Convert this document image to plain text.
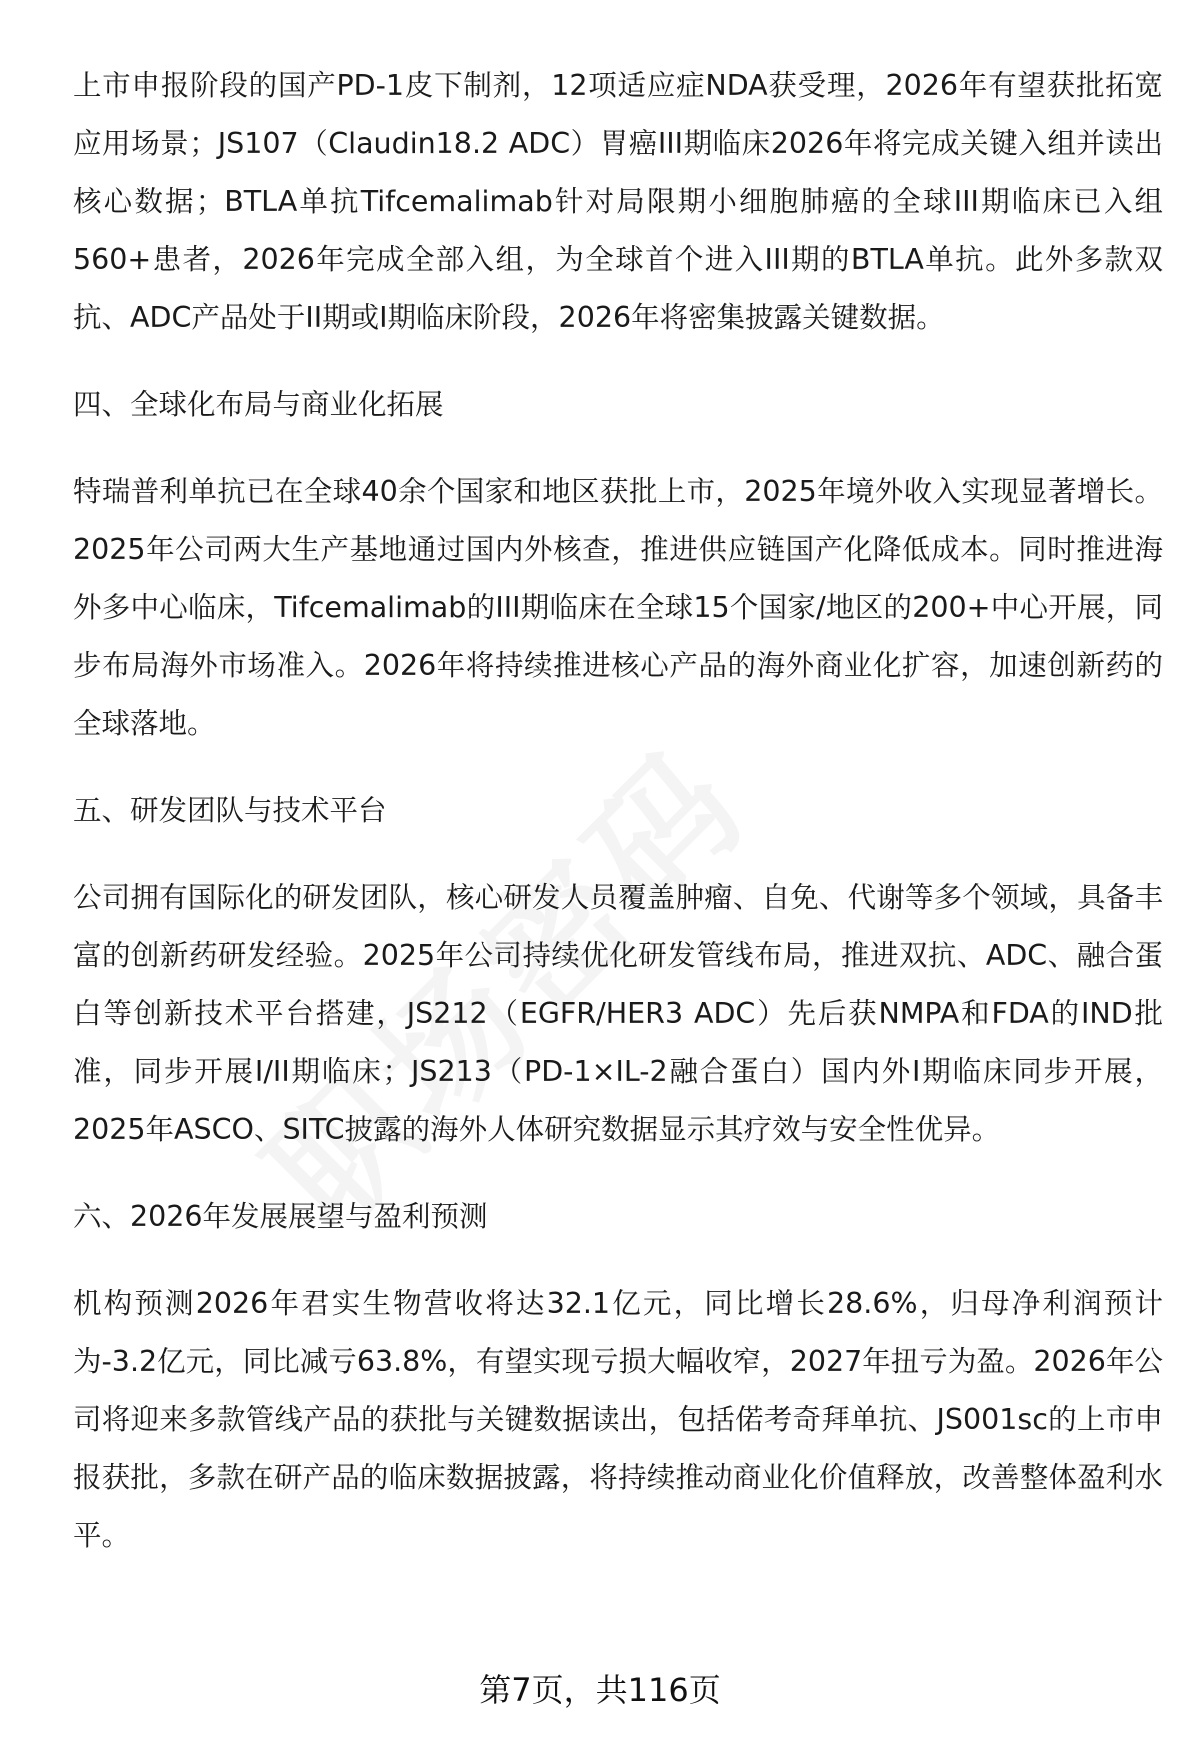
上市申报阶段的国产PD-1皮下制剂，12项适应症NDA获受理，2026年有望获批拓宽应用场景；JS107（Claudin18.2 ADC）胃癌III期临床2026年将完成关键入组并读出核心数据；BTLA单抗Tifcemalimab针对局限期小细胞肺癌的全球III期临床已入组560+患者，2026年完成全部入组，为全球首个进入III期的BTLA单抗。此外多款双抗、ADC产品处于II期或I期临床阶段，2026年将密集披露关键数据。

四、全球化布局与商业化拓展

特瑞普利单抗已在全球40余个国家和地区获批上市，2025年境外收入实现显著增长。2025年公司两大生产基地通过国内外核查，推进供应链国产化降低成本。同时推进海外多中心临床，Tifcemalimab的III期临床在全球15个国家/地区的200+中心开展，同步布局海外市场准入。2026年将持续推进核心产品的海外商业化扩容，加速创新药的全球落地。

五、研发团队与技术平台

公司拥有国际化的研发团队，核心研发人员覆盖肿瘤、自免、代谢等多个领域，具备丰富的创新药研发经验。2025年公司持续优化研发管线布局，推进双抗、ADC、融合蛋白等创新技术平台搭建，JS212（EGFR/HER3 ADC）先后获NMPA和FDA的IND批准，同步开展I/II期临床；JS213（PD-1×IL-2融合蛋白）国内外I期临床同步开展，2025年ASCO、SITC披露的海外人体研究数据显示其疗效与安全性优异。

六、2026年发展展望与盈利预测

机构预测2026年君实生物营收将达32.1亿元，同比增长28.6%，归母净利润预计为-3.2亿元，同比减亏63.8%，有望实现亏损大幅收窄，2027年扭亏为盈。2026年公司将迎来多款管线产品的获批与关键数据读出，包括偌考奇拜单抗、JS001sc的上市申报获批，多款在研产品的临床数据披露，将持续推动商业化价值释放，改善整体盈利水平。

第7页，共116页
